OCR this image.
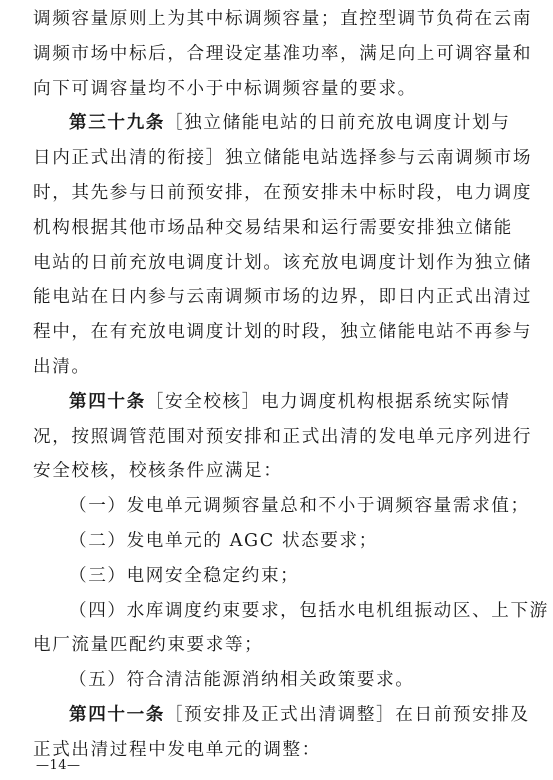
调频容量原则上为其中标调频容量；直控型调节负荷在云南
调频市场中标后，合理设定基准功率，满足向上可调容量和
向下可调容量均不小于中标调频容量的要求。
第三十九条［独立储能电站的日前充放电调度计划与
日内正式出清的衔接］独立储能电站选择参与云南调频市场
时，其先参与日前预安排，在预安排未中标时段，电力调度
机构根据其他市场品种交易结果和运行需要安排独立储能
电站的日前充放电调度计划。该充放电调度计划作为独立储
能电站在日内参与云南调频市场的边界，即日内正式出清过
程中，在有充放电调度计划的时段，独立储能电站不再参与
出清。
第四十条［安全校核］电力调度机构根据系统实际情
况，按照调管范围对预安排和正式出清的发电单元序列进行
安全校核，校核条件应满足：
（一）发电单元调频容量总和不小于调频容量需求值；
（二）发电单元的 AGC 状态要求；
（三）电网安全稳定约束；
（四）水库调度约束要求，包括水电机组振动区、上下游
电厂流量匹配约束要求等；
（五）符合清洁能源消纳相关政策要求。
第四十一条［预安排及正式出清调整］在日前预安排及
正式出清过程中发电单元的调整：
—14—
